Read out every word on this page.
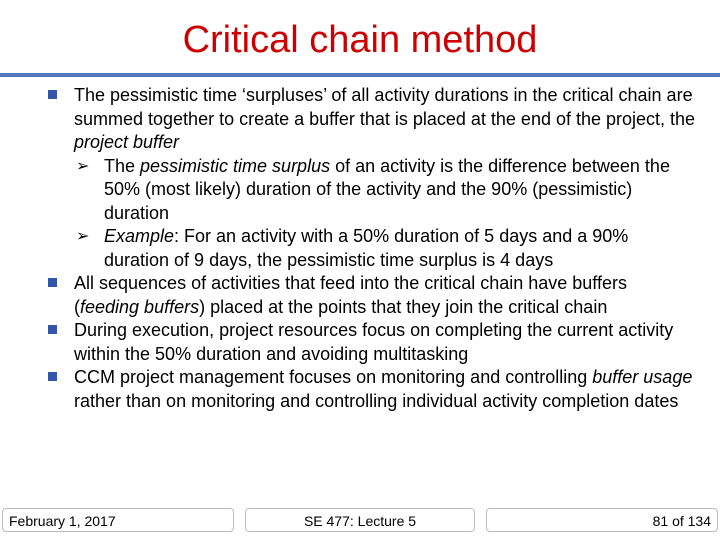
Critical chain method
The pessimistic time ‘surpluses’ of all activity durations in the critical chain are summed together to create a buffer that is placed at the end of the project, the project buffer
➢ The pessimistic time surplus of an activity is the difference between the 50% (most likely) duration of the activity and the 90% (pessimistic) duration
➢ Example: For an activity with a 50% duration of 5 days and a 90% duration of 9 days, the pessimistic time surplus is 4 days
All sequences of activities that feed into the critical chain have buffers (feeding buffers) placed at the points that they join the critical chain
During execution, project resources focus on completing the current activity within the 50% duration and avoiding multitasking
CCM project management focuses on monitoring and controlling buffer usage rather than on monitoring and controlling individual activity completion dates
February 1, 2017	SE 477: Lecture 5	81 of 134
